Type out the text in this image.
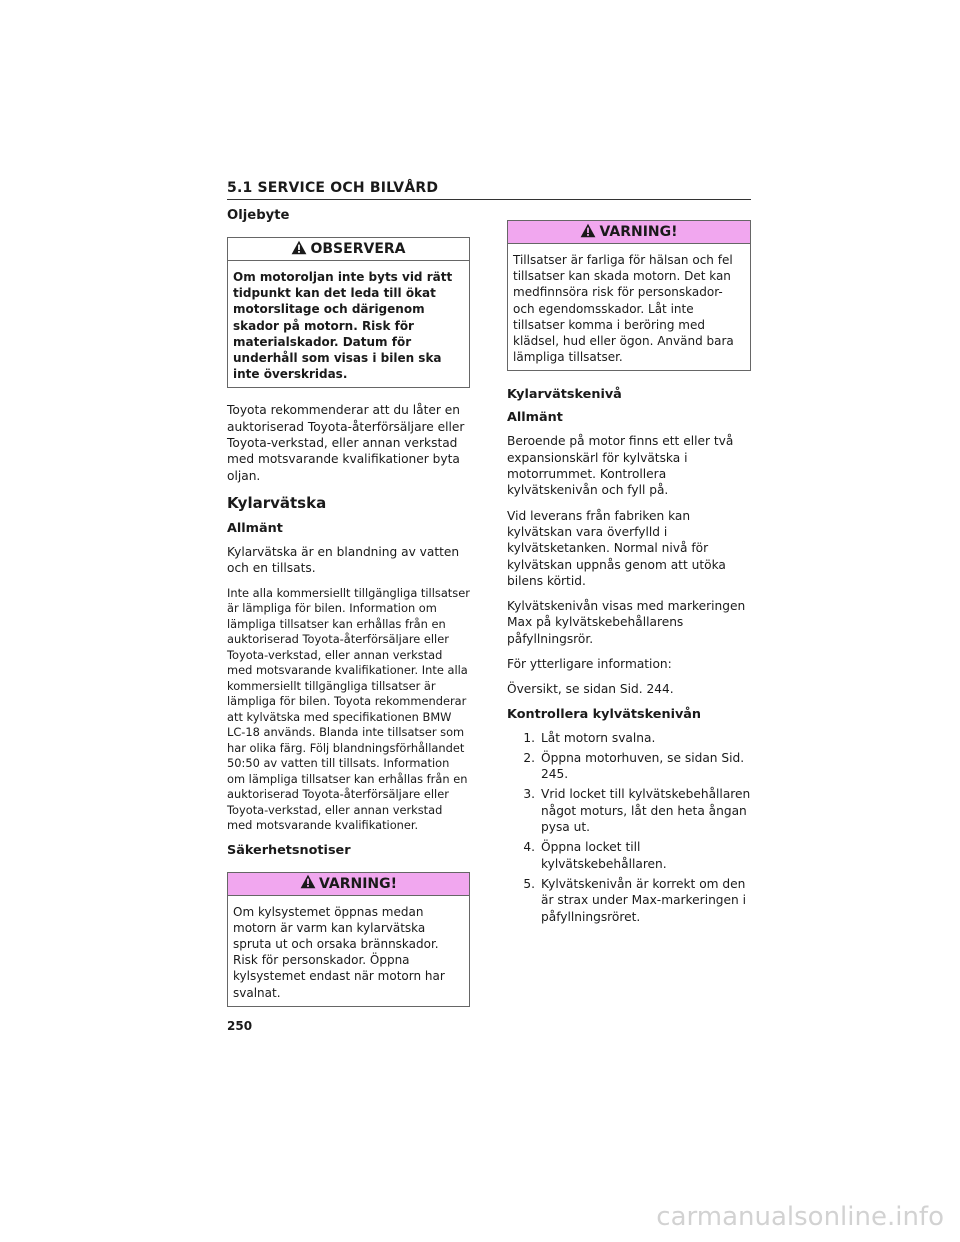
5.1 SERVICE OCH BILVÅRD
Oljebyte
OBSERVERA
Om motoroljan inte byts vid rätt tidpunkt kan det leda till ökat motorslitage och därigenom skador på motorn. Risk för materialskador. Datum för underhåll som visas i bilen ska inte överskridas.

Toyota rekommenderar att du låter en auktoriserad Toyota-återförsäljare eller Toyota-verkstad, eller annan verkstad med motsvarande kvalifikationer byta oljan.

Kylarvätska
Allmänt

Kylarvätska är en blandning av vatten och en tillsats.

Inte alla kommersiellt tillgängliga tillsatser är lämpliga för bilen. Information om lämpliga tillsatser kan erhållas från en auktoriserad Toyota-återförsäljare eller Toyota-verkstad, eller annan verkstad med motsvarande kvalifikationer. Inte alla kommersiellt tillgängliga tillsatser är lämpliga för bilen. Toyota rekommenderar att kylvätska med specifikationen BMW LC-18 används. Blanda inte tillsatser som har olika färg. Följ blandningsförhållandet 50:50 av vatten till tillsats. Information om lämpliga tillsatser kan erhållas från en auktoriserad Toyota-återförsäljare eller Toyota-verkstad, eller annan verkstad med motsvarande kvalifikationer.

Säkerhetsnotiser
VARNING!
Om kylsystemet öppnas medan motorn är varm kan kylarvätska spruta ut och orsaka brännskador. Risk för personskador. Öppna kylsystemet endast när motorn har svalnat.
VARNING!
Tillsatser är farliga för hälsan och fel tillsatser kan skada motorn. Det kan medfinnsöra risk för personskador- och egendomsskador. Låt inte tillsatser komma i beröring med klädsel, hud eller ögon. Använd bara lämpliga tillsatser.
Kylarvätskenivå
Allmänt

Beroende på motor finns ett eller två expansionskärl för kylvätska i motorrummet. Kontrollera kylvätskenivån och fyll på.

Vid leverans från fabriken kan kylvätskan vara överfylld i kylvätsketanken. Normal nivå för kylvätskan uppnås genom att utöka bilens körtid.

Kylvätskenivån visas med markeringen Max på kylvätskebehållarens påfyllningsrör.

För ytterligare information:

Översikt, se sidan Sid. 244.

Kontrollera kylvätskenivån
1. Låt motorn svalna.
2. Öppna motorhuven, se sidan Sid. 245.
3. Vrid locket till kylvätskebehållaren något moturs, låt den heta ångan pysa ut.
4. Öppna locket till kylvätskebehållaren.
5. Kylvätskenivån är korrekt om den är strax under Max-markeringen i påfyllningsröret.
250
carmanualsonline.info
